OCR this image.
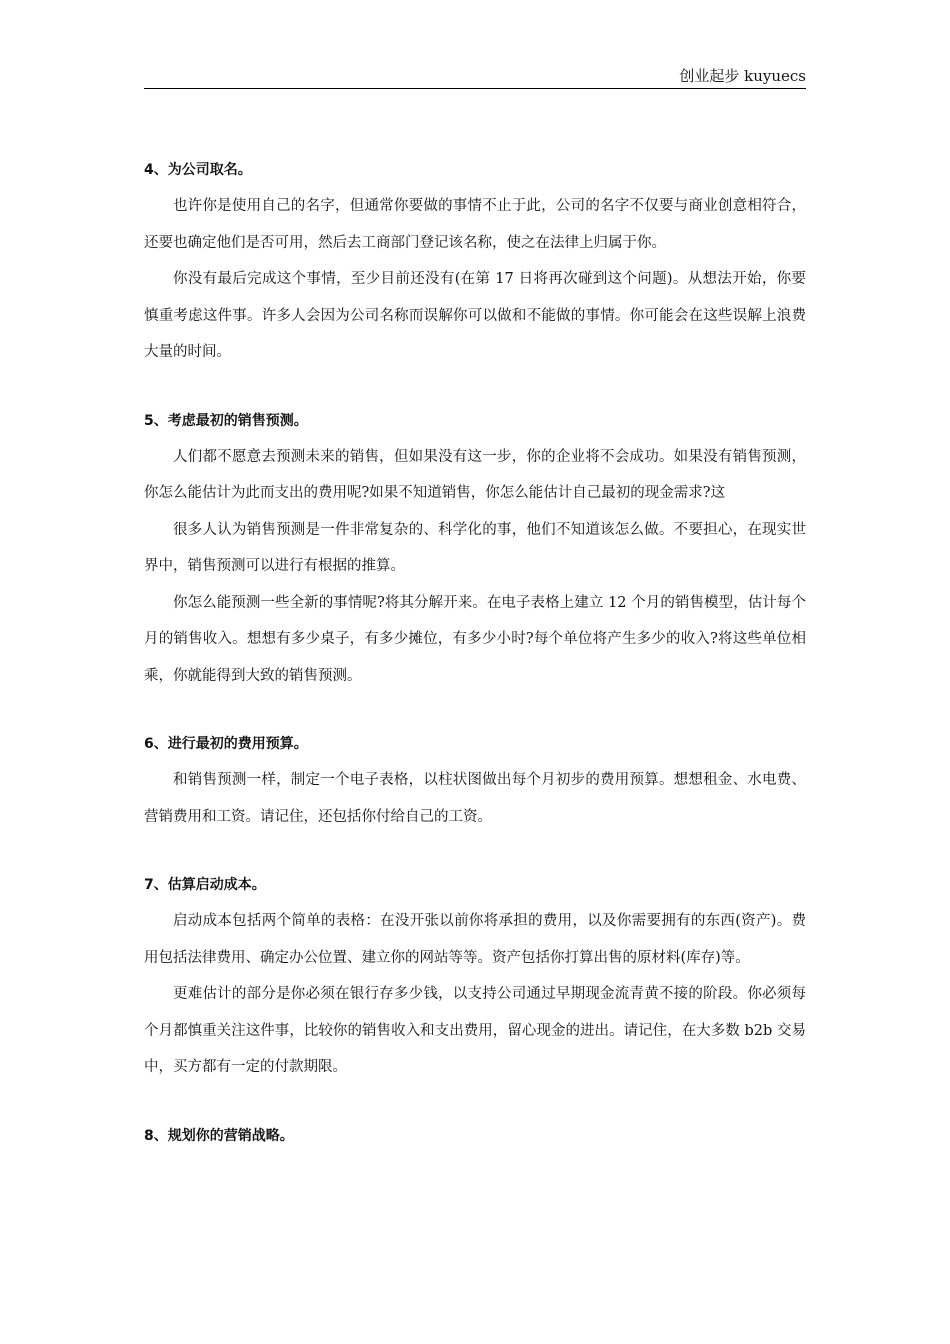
创业起步 kuyuecs
4、为公司取名。

也许你是使用自己的名字，但通常你要做的事情不止于此，公司的名字不仅要与商业创意相符合，还要也确定他们是否可用，然后去工商部门登记该名称，使之在法律上归属于你。

你没有最后完成这个事情，至少目前还没有(在第 17 日将再次碰到这个问题)。从想法开始，你要慎重考虑这件事。许多人会因为公司名称而误解你可以做和不能做的事情。你可能会在这些误解上浪费大量的时间。

5、考虑最初的销售预测。

人们都不愿意去预测未来的销售，但如果没有这一步，你的企业将不会成功。如果没有销售预测，你怎么能估计为此而支出的费用呢?如果不知道销售，你怎么能估计自己最初的现金需求?这

很多人认为销售预测是一件非常复杂的、科学化的事，他们不知道该怎么做。不要担心，在现实世界中，销售预测可以进行有根据的推算。

你怎么能预测一些全新的事情呢?将其分解开来。在电子表格上建立 12 个月的销售模型，估计每个月的销售收入。想想有多少桌子，有多少摊位，有多少小时?每个单位将产生多少的收入?将这些单位相乘，你就能得到大致的销售预测。

6、进行最初的费用预算。

和销售预测一样，制定一个电子表格，以柱状图做出每个月初步的费用预算。想想租金、水电费、营销费用和工资。请记住，还包括你付给自己的工资。

7、估算启动成本。

启动成本包括两个简单的表格：在没开张以前你将承担的费用，以及你需要拥有的东西(资产)。费用包括法律费用、确定办公位置、建立你的网站等等。资产包括你打算出售的原材料(库存)等。

更难估计的部分是你必须在银行存多少钱，以支持公司通过早期现金流青黄不接的阶段。你必须每个月都慎重关注这件事，比较你的销售收入和支出费用，留心现金的进出。请记住，在大多数 b2b 交易中，买方都有一定的付款期限。

8、规划你的营销战略。
